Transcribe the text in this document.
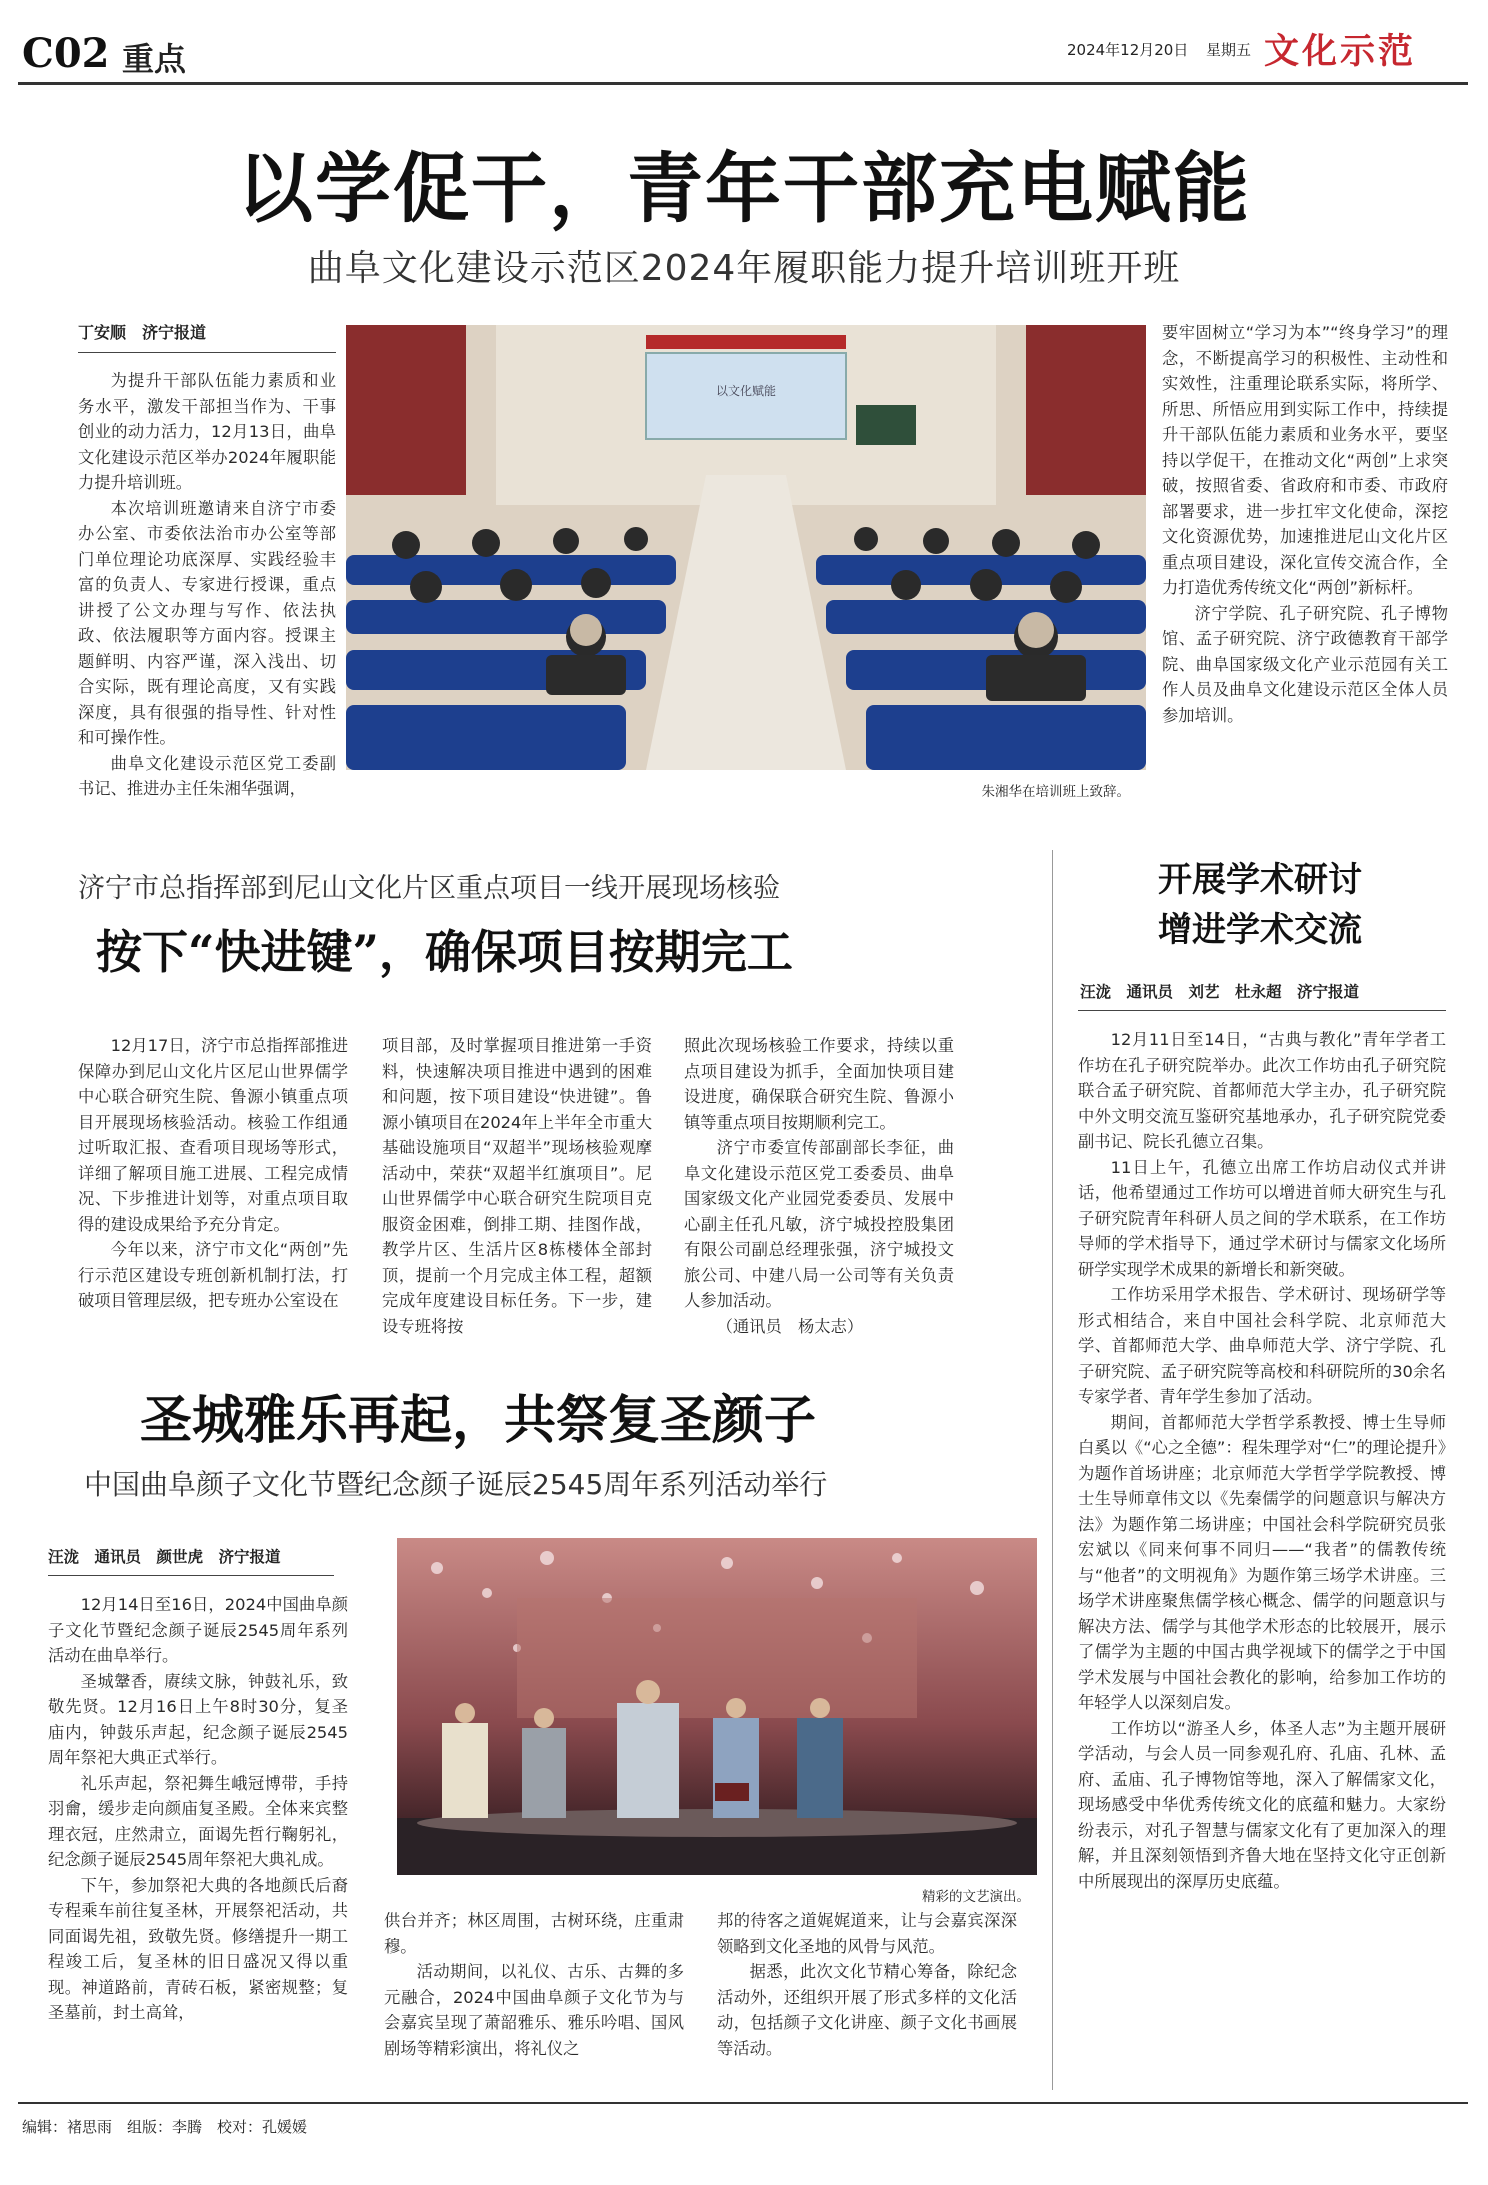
C02 重点	2024年12月20日 星期五 文化示范
以学促干，青年干部充电赋能
曲阜文化建设示范区2024年履职能力提升培训班开班
丁安顺　济宁报道

为提升干部队伍能力素质和业务水平，激发干部担当作为、干事创业的动力活力，12月13日，曲阜文化建设示范区举办2024年履职能力提升培训班。

本次培训班邀请来自济宁市委办公室、市委依法治市办公室等部门单位理论功底深厚、实践经验丰富的负责人、专家进行授课，重点讲授了公文办理与写作、依法执政、依法履职等方面内容。授课主题鲜明、内容严谨，深入浅出、切合实际，既有理论高度，又有实践深度，具有很强的指导性、针对性和可操作性。

曲阜文化建设示范区党工委副书记、推进办主任朱湘华强调，

以文化赋能
朱湘华在培训班上致辞。

要牢固树立“学习为本”“终身学习”的理念，不断提高学习的积极性、主动性和实效性，注重理论联系实际，将所学、所思、所悟应用到实际工作中，持续提升干部队伍能力素质和业务水平，要坚持以学促干，在推动文化“两创”上求突破，按照省委、省政府和市委、市政府部署要求，进一步扛牢文化使命，深挖文化资源优势，加速推进尼山文化片区重点项目建设，深化宣传交流合作，全力打造优秀传统文化“两创”新标杆。

济宁学院、孔子研究院、孔子博物馆、孟子研究院、济宁政德教育干部学院、曲阜国家级文化产业示范园有关工作人员及曲阜文化建设示范区全体人员参加培训。

济宁市总指挥部到尼山文化片区重点项目一线开展现场核验
按下“快进键”，确保项目按期完工

12月17日，济宁市总指挥部推进保障办到尼山文化片区尼山世界儒学中心联合研究生院、鲁源小镇重点项目开展现场核验活动。核验工作组通过听取汇报、查看项目现场等形式，详细了解项目施工进展、工程完成情况、下步推进计划等，对重点项目取得的建设成果给予充分肯定。

今年以来，济宁市文化“两创”先行示范区建设专班创新机制打法，打破项目管理层级，把专班办公室设在

项目部，及时掌握项目推进第一手资料，快速解决项目推进中遇到的困难和问题，按下项目建设“快进键”。鲁源小镇项目在2024年上半年全市重大基础设施项目“双超半”现场核验观摩活动中，荣获“双超半红旗项目”。尼山世界儒学中心联合研究生院项目克服资金困难，倒排工期、挂图作战，教学片区、生活片区8栋楼体全部封顶，提前一个月完成主体工程，超额完成年度建设目标任务。下一步，建设专班将按

照此次现场核验工作要求，持续以重点项目建设为抓手，全面加快项目建设进度，确保联合研究生院、鲁源小镇等重点项目按期顺利完工。

济宁市委宣传部副部长李征，曲阜文化建设示范区党工委委员、曲阜国家级文化产业园党委委员、发展中心副主任孔凡敏，济宁城投控股集团有限公司副总经理张强，济宁城投文旅公司、中建八局一公司等有关负责人参加活动。

（通讯员　杨太志）

开展学术研讨
增进学术交流
汪泷　通讯员　刘艺　杜永超　济宁报道

12月11日至14日，“古典与教化”青年学者工作坊在孔子研究院举办。此次工作坊由孔子研究院联合孟子研究院、首都师范大学主办，孔子研究院中外文明交流互鉴研究基地承办，孔子研究院党委副书记、院长孔德立召集。

11日上午，孔德立出席工作坊启动仪式并讲话，他希望通过工作坊可以增进首师大研究生与孔子研究院青年科研人员之间的学术联系，在工作坊导师的学术指导下，通过学术研讨与儒家文化场所研学实现学术成果的新增长和新突破。

工作坊采用学术报告、学术研讨、现场研学等形式相结合，来自中国社会科学院、北京师范大学、首都师范大学、曲阜师范大学、济宁学院、孔子研究院、孟子研究院等高校和科研院所的30余名专家学者、青年学生参加了活动。

期间，首都师范大学哲学系教授、博士生导师白奚以《“心之全德”：程朱理学对“仁”的理论提升》为题作首场讲座；北京师范大学哲学学院教授、博士生导师章伟文以《先秦儒学的问题意识与解决方法》为题作第二场讲座；中国社会科学院研究员张宏斌以《同来何事不同归——“我者”的儒教传统与“他者”的文明视角》为题作第三场学术讲座。三场学术讲座聚焦儒学核心概念、儒学的问题意识与解决方法、儒学与其他学术形态的比较展开，展示了儒学为主题的中国古典学视域下的儒学之于中国学术发展与中国社会教化的影响，给参加工作坊的年轻学人以深刻启发。

工作坊以“游圣人乡，体圣人志”为主题开展研学活动，与会人员一同参观孔府、孔庙、孔林、孟府、孟庙、孔子博物馆等地，深入了解儒家文化，现场感受中华优秀传统文化的底蕴和魅力。大家纷纷表示，对孔子智慧与儒家文化有了更加深入的理解，并且深刻领悟到齐鲁大地在坚持文化守正创新中所展现出的深厚历史底蕴。

圣城雅乐再起，共祭复圣颜子
中国曲阜颜子文化节暨纪念颜子诞辰2545周年系列活动举行
汪泷　通讯员　颜世虎　济宁报道

12月14日至16日，2024中国曲阜颜子文化节暨纪念颜子诞辰2545周年系列活动在曲阜举行。

圣城鞶香，赓续文脉，钟鼓礼乐，致敬先贤。12月16日上午8时30分，复圣庙内，钟鼓乐声起，纪念颜子诞辰2545周年祭祀大典正式举行。

礼乐声起，祭祀舞生峨冠博带，手持羽龠，缓步走向颜庙复圣殿。全体来宾整理衣冠，庄然肃立，面谒先哲行鞠躬礼，纪念颜子诞辰2545周年祭祀大典礼成。

下午，参加祭祀大典的各地颜氏后裔专程乘车前往复圣林，开展祭祀活动，共同面谒先祖，致敬先贤。修缮提升一期工程竣工后，复圣林的旧日盛况又得以重现。神道路前，青砖石板，紧密规整；复圣墓前，封土高耸，

精彩的文艺演出。

供台并齐；林区周围，古树环绕，庄重肃穆。

活动期间，以礼仪、古乐、古舞的多元融合，2024中国曲阜颜子文化节为与会嘉宾呈现了萧韶雅乐、雅乐吟唱、国风剧场等精彩演出，将礼仪之

邦的待客之道娓娓道来，让与会嘉宾深深领略到文化圣地的风骨与风范。

据悉，此次文化节精心筹备，除纪念活动外，还组织开展了形式多样的文化活动，包括颜子文化讲座、颜子文化书画展等活动。

编辑：褚思雨　组版：李腾　校对：孔媛媛
